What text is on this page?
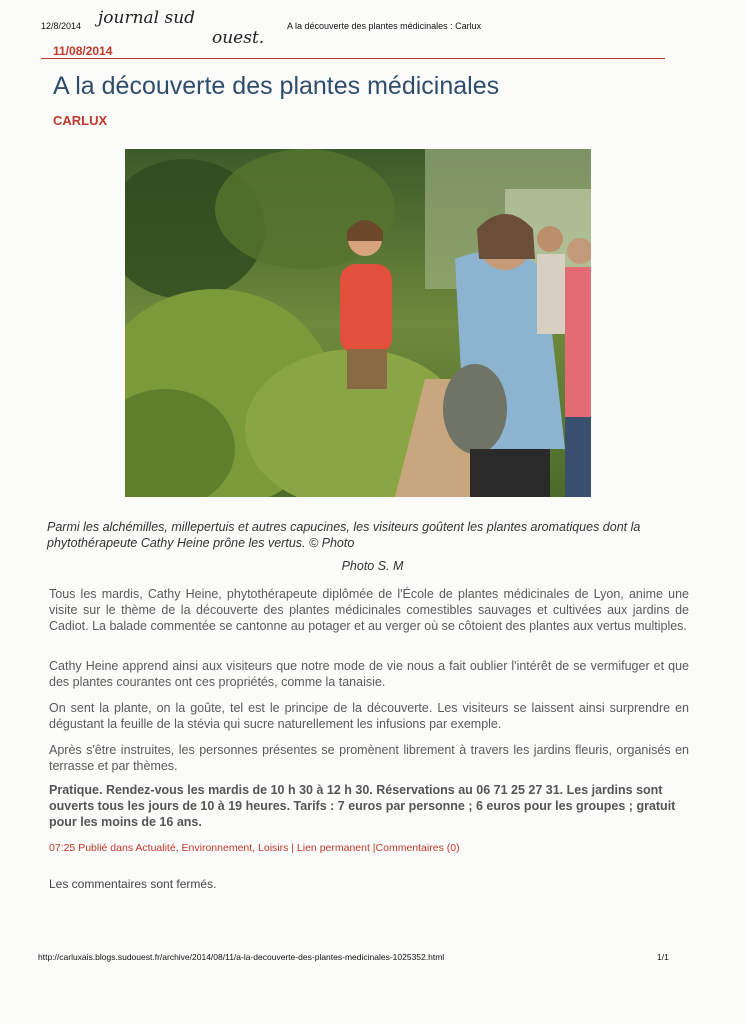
12/8/2014 journal sud
ouest.
A la découverte des plantes médicinales : Carlux
11/08/2014
A la découverte des plantes médicinales
CARLUX
Parmi les alchémilles, millepertuis et autres capucines, les visiteurs goûtent les plantes aromatiques dont la phytothérapeute Cathy Heine prône les vertus. © Photo
Photo S. M

Tous les mardis, Cathy Heine, phytothérapeute diplômée de l'École de plantes médicinales de Lyon, anime une visite sur le thème de la découverte des plantes médicinales comestibles sauvages et cultivées aux jardins de Cadiot. La balade commentée se cantonne au potager et au verger où se côtoient des plantes aux vertus multiples.

Cathy Heine apprend ainsi aux visiteurs que notre mode de vie nous a fait oublier l'intérêt de se vermifuger et que des plantes courantes ont ces propriétés, comme la tanaisie.

On sent la plante, on la goûte, tel est le principe de la découverte. Les visiteurs se laissent ainsi surprendre en dégustant la feuille de la stévia qui sucre naturellement les infusions par exemple.

Après s'être instruites, les personnes présentes se promènent librement à travers les jardins fleuris, organisés en terrasse et par thèmes.

Pratique. Rendez-vous les mardis de 10 h 30 à 12 h 30. Réservations au 06 71 25 27 31. Les jardins sont ouverts tous les jours de 10 à 19 heures. Tarifs : 7 euros par personne ; 6 euros pour les groupes ; gratuit pour les moins de 16 ans.
07:25 Publié dans Actualité, Environnement, Loisirs | Lien permanent |Commentaires (0)
Les commentaires sont fermés.
http://carluxais.blogs.sudouest.fr/archive/2014/08/11/a-la-decouverte-des-plantes-medicinales-1025352.html	1/1
